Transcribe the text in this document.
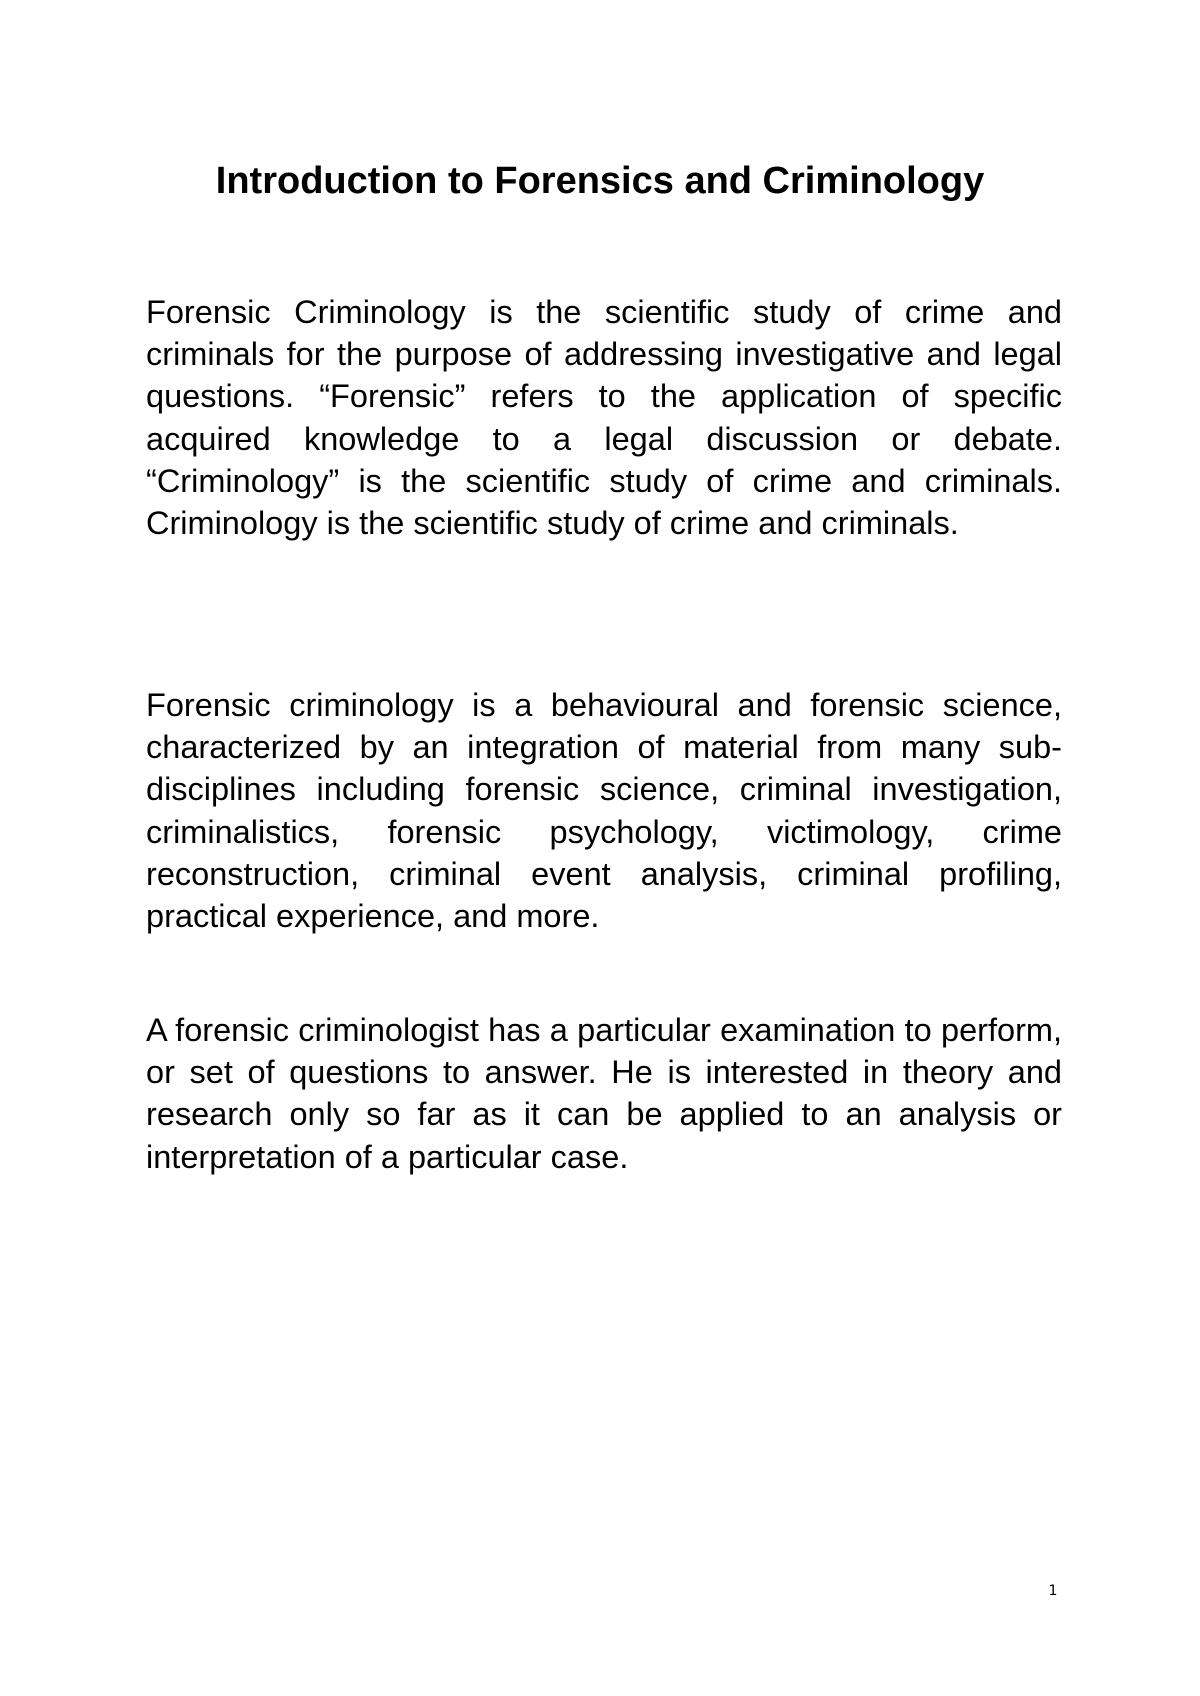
Introduction to Forensics and Criminology

Forensic Criminology is the scientific study of crime and criminals for the purpose of addressing investigative and legal questions. “Forensic” refers to the application of specific acquired knowledge to a legal discussion or debate. “Criminology” is the scientific study of crime and criminals. Criminology is the scientific study of crime and criminals.

Forensic criminology is a behavioural and forensic science, characterized by an integration of material from many sub-disciplines including forensic science, criminal investigation, criminalistics, forensic psychology, victimology, crime reconstruction, criminal event analysis, criminal profiling, practical experience, and more.

A forensic criminologist has a particular examination to perform, or set of questions to answer. He is interested in theory and research only so far as it can be applied to an analysis or interpretation of a particular case.

1
